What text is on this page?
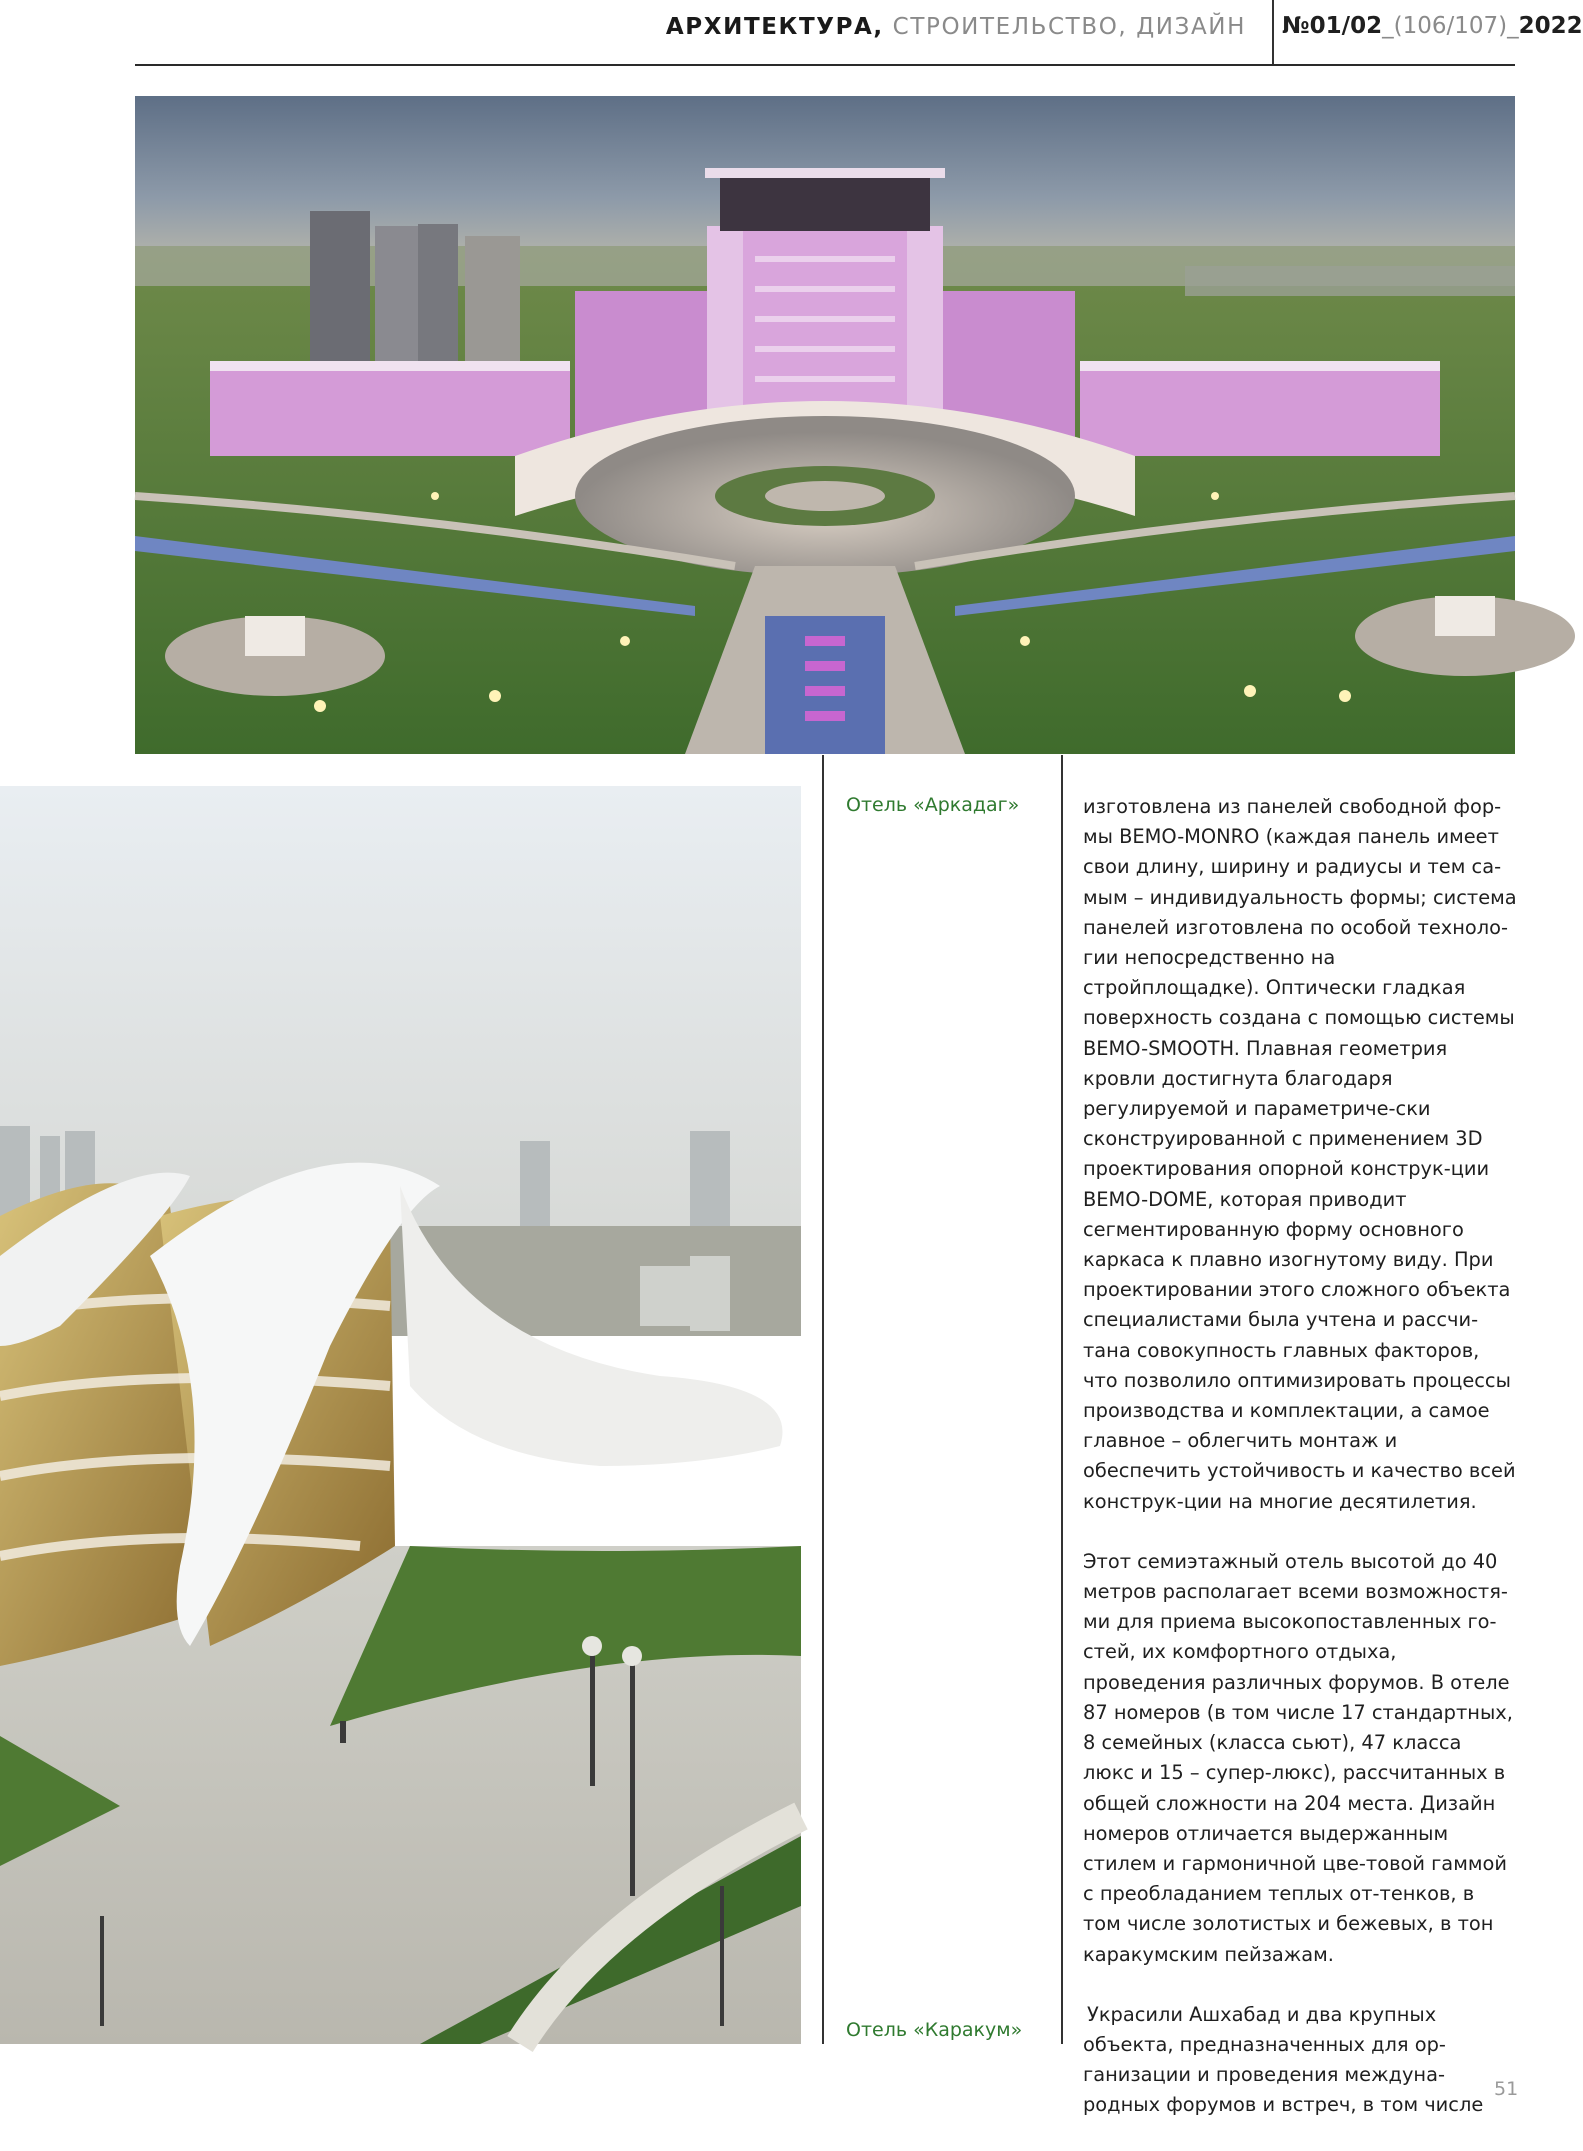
АРХИТЕКТУРА, СТРОИТЕЛЬСТВО, ДИЗАЙН №01/02_(106/107)_2022
Отель «Аркадаг»
Отель «Каракум»

изготовлена из панелей свободной фор-мы BEMO-MONRO (каждая панель имеет свои длину, ширину и радиусы и тем са-мым – индивидуальность формы; система панелей изготовлена по особой техноло-гии непосредственно на стройплощадке). Оптически гладкая поверхность создана с помощью системы BEMO-SMOOTH. Плавная геометрия кровли достигнута благодаря регулируемой и параметриче-ски сконструированной с применением 3D проектирования опорной конструк-ции BEMO-DOME, которая приводит сегментированную форму основного каркаса к плавно изогнутому виду. При проектировании этого сложного объекта специалистами была учтена и рассчи-тана совокупность главных факторов, что позволило оптимизировать процессы производства и комплектации, а самое главное – облегчить монтаж и обеспечить устойчивость и качество всей конструк-ции на многие десятилетия.

Этот семиэтажный отель высотой до 40 метров располагает всеми возможностя-ми для приема высокопоставленных го-стей, их комфортного отдыха, проведения различных форумов. В отеле 87 номеров (в том числе 17 стандартных, 8 семейных (класса сьют), 47 класса люкс и 15 – супер-люкс), рассчитанных в общей сложности на 204 места. Дизайн номеров отличается выдержанным стилем и гармоничной цве-товой гаммой с преобладанием теплых от-тенков, в том числе золотистых и бежевых, в тон каракумским пейзажам.

Украсили Ашхабад и два крупных объекта, предназначенных для ор-ганизации и проведения междуна-родных форумов и встреч, в том числе

51
